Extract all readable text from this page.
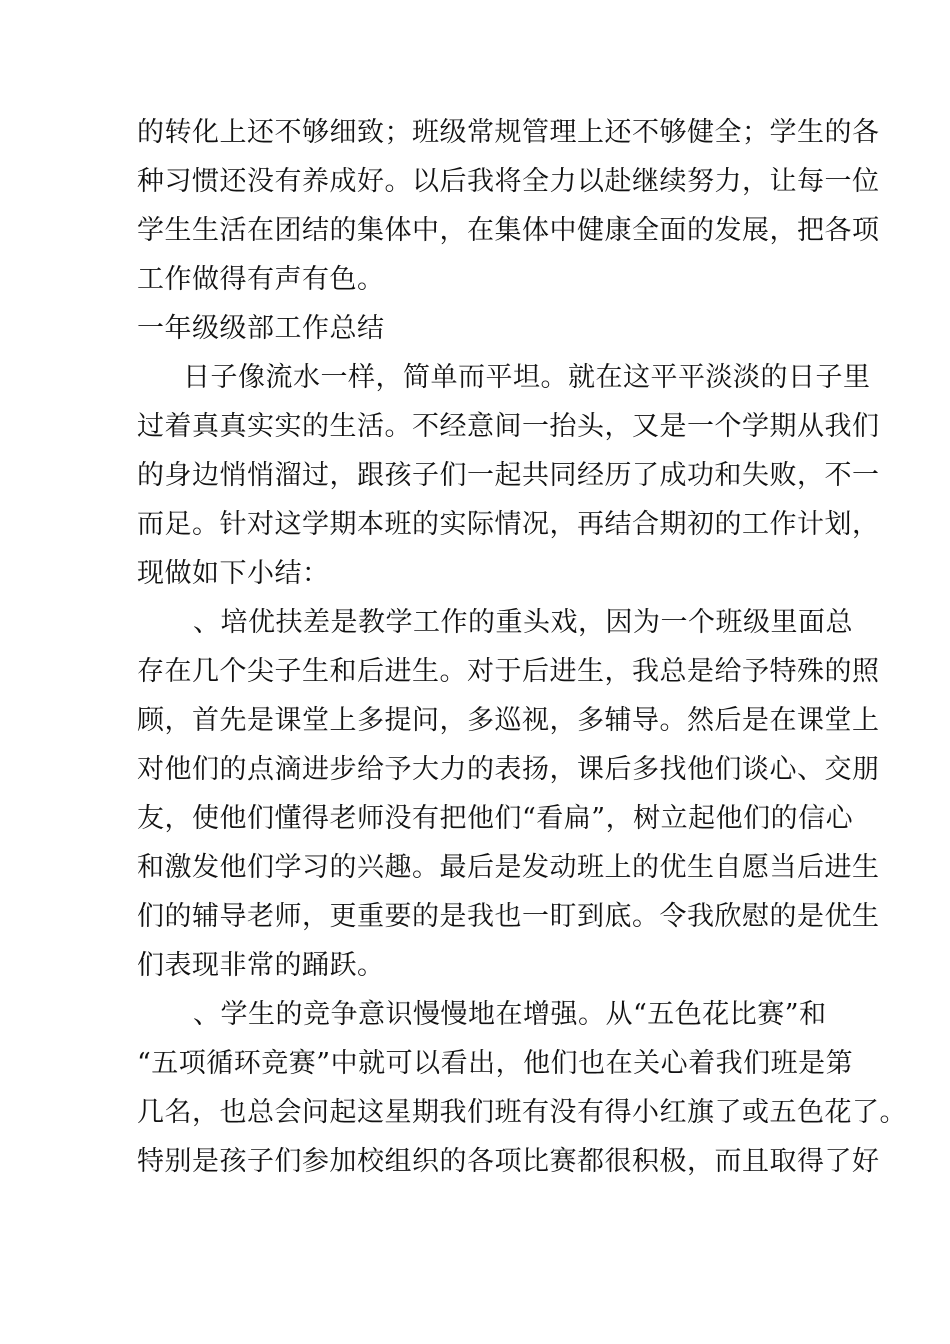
的转化上还不够细致；班级常规管理上还不够健全；学生的各
种习惯还没有养成好。以后我将全力以赴继续努力，让每一位
学生生活在团结的集体中，在集体中健康全面的发展，把各项
工作做得有声有色。
一年级级部工作总结
日子像流水一样，简单而平坦。就在这平平淡淡的日子里
过着真真实实的生活。不经意间一抬头，又是一个学期从我们
的身边悄悄溜过，跟孩子们一起共同经历了成功和失败，不一
而足。针对这学期本班的实际情况，再结合期初的工作计划，
现做如下小结：
、培优扶差是教学工作的重头戏，因为一个班级里面总
存在几个尖子生和后进生。对于后进生，我总是给予特殊的照
顾，首先是课堂上多提问，多巡视，多辅导。然后是在课堂上
对他们的点滴进步给予大力的表扬，课后多找他们谈心、交朋
友，使他们懂得老师没有把他们“看扁”，树立起他们的信心
和激发他们学习的兴趣。最后是发动班上的优生自愿当后进生
们的辅导老师，更重要的是我也一盯到底。令我欣慰的是优生
们表现非常的踊跃。
、学生的竞争意识慢慢地在增强。从“五色花比赛”和
“五项循环竞赛”中就可以看出，他们也在关心着我们班是第
几名，也总会问起这星期我们班有没有得小红旗了或五色花了。
特别是孩子们参加校组织的各项比赛都很积极，而且取得了好
